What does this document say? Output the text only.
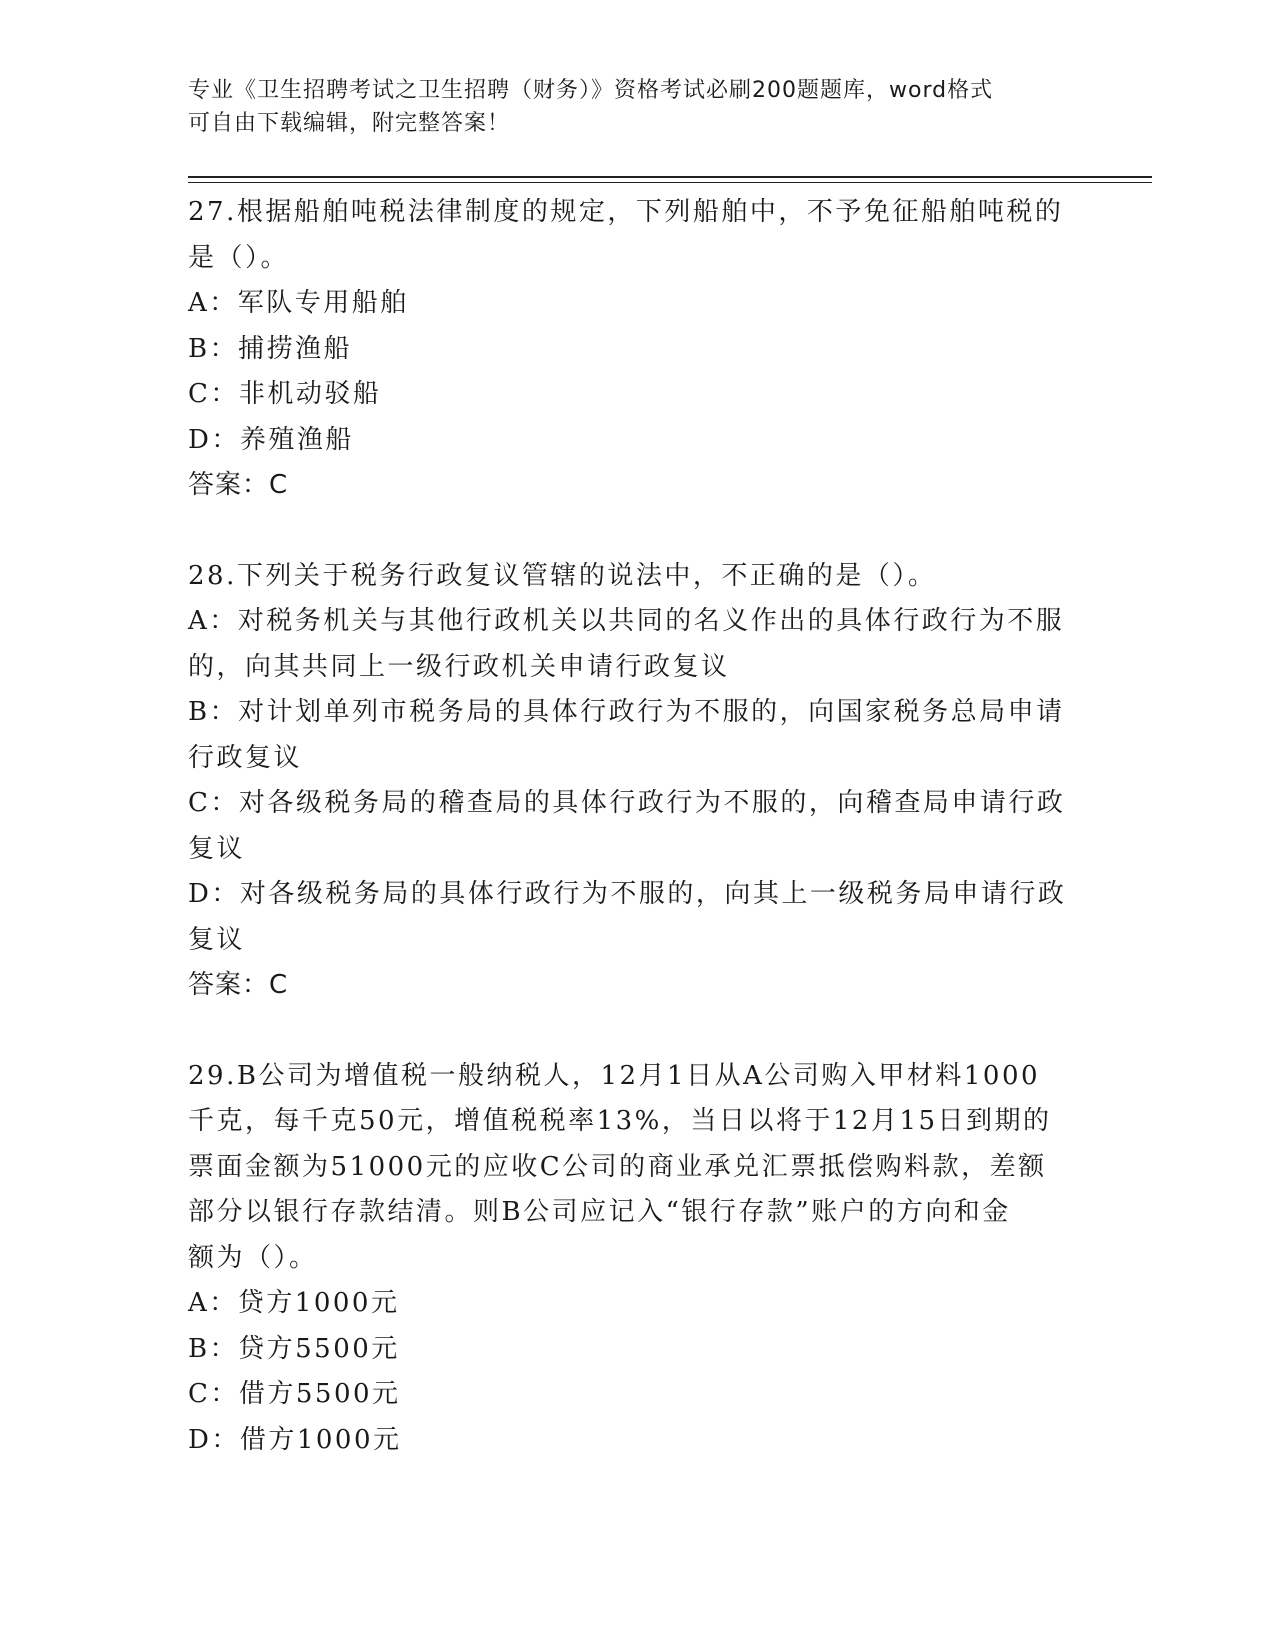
专业《卫生招聘考试之卫生招聘（财务）》资格考试必刷200题题库，word格式
可自由下载编辑，附完整答案！

27.根据船舶吨税法律制度的规定，下列船舶中，不予免征船舶吨税的

是（）。

A：军队专用船舶

B：捕捞渔船

C：非机动驳船

D：养殖渔船

答案：C

28.下列关于税务行政复议管辖的说法中，不正确的是（）。

A：对税务机关与其他行政机关以共同的名义作出的具体行政行为不服

的，向其共同上一级行政机关申请行政复议

B：对计划单列市税务局的具体行政行为不服的，向国家税务总局申请

行政复议

C：对各级税务局的稽查局的具体行政行为不服的，向稽查局申请行政

复议

D：对各级税务局的具体行政行为不服的，向其上一级税务局申请行政

复议

答案：C

29.B公司为增值税一般纳税人，12月1日从A公司购入甲材料1000

千克，每千克50元，增值税税率13%，当日以将于12月15日到期的

票面金额为51000元的应收C公司的商业承兑汇票抵偿购料款，差额

部分以银行存款结清。则B公司应记入“银行存款”账户的方向和金

额为（）。

A：贷方1000元

B：贷方5500元

C：借方5500元

D：借方1000元
